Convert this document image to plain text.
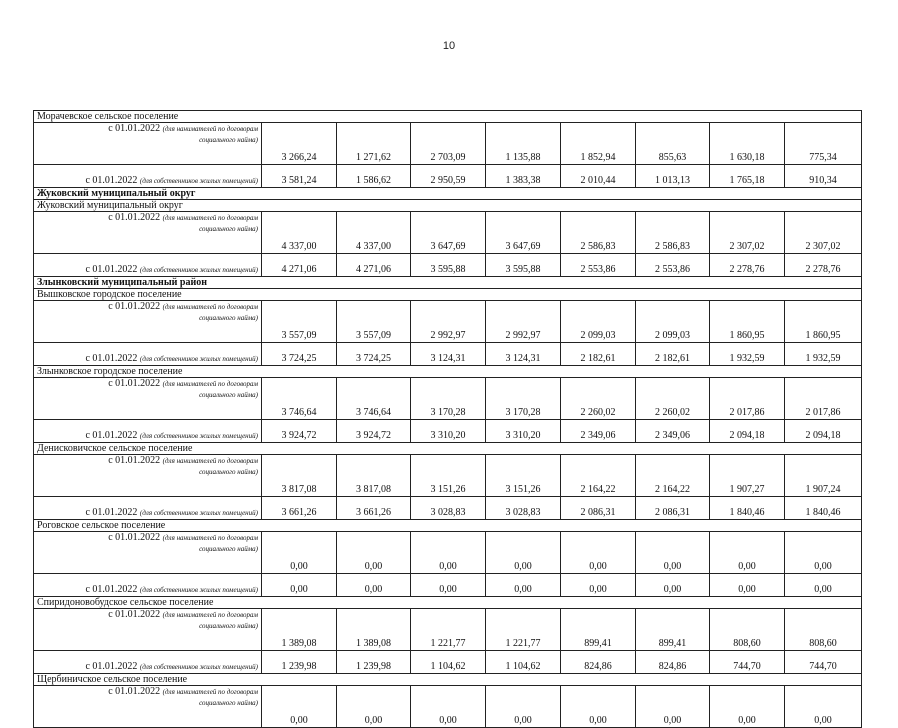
10
Морачевское сельское поселение								

с 01.01.2022 (для нанимателей по договорам
социального найма)	3 266,24	1 271,62	2 703,09	1 135,88	1 852,94	855,63	1 630,18	775,34
с 01.01.2022 (для собственников жилых помещений)	3 581,24	1 586,62	2 950,59	1 383,38	2 010,44	1 013,13	1 765,18	910,34
Жуковский муниципальный округ								
Жуковский муниципальный округ								

с 01.01.2022 (для нанимателей по договорам
социального найма)	4 337,00	4 337,00	3 647,69	3 647,69	2 586,83	2 586,83	2 307,02	2 307,02
с 01.01.2022 (для собственников жилых помещений)	4 271,06	4 271,06	3 595,88	3 595,88	2 553,86	2 553,86	2 278,76	2 278,76
Злынковский муниципальный район								
Вышковское городское поселение								

с 01.01.2022 (для нанимателей по договорам
социального найма)	3 557,09	3 557,09	2 992,97	2 992,97	2 099,03	2 099,03	1 860,95	1 860,95
с 01.01.2022 (для собственников жилых помещений)	3 724,25	3 724,25	3 124,31	3 124,31	2 182,61	2 182,61	1 932,59	1 932,59
Злынковское городское поселение								

с 01.01.2022 (для нанимателей по договорам
социального найма)	3 746,64	3 746,64	3 170,28	3 170,28	2 260,02	2 260,02	2 017,86	2 017,86
с 01.01.2022 (для собственников жилых помещений)	3 924,72	3 924,72	3 310,20	3 310,20	2 349,06	2 349,06	2 094,18	2 094,18
Денисковичское сельское поселение								

с 01.01.2022 (для нанимателей по договорам
социального найма)	3 817,08	3 817,08	3 151,26	3 151,26	2 164,22	2 164,22	1 907,27	1 907,24
с 01.01.2022 (для собственников жилых помещений)	3 661,26	3 661,26	3 028,83	3 028,83	2 086,31	2 086,31	1 840,46	1 840,46
Роговское сельское поселение								

с 01.01.2022 (для нанимателей по договорам
социального найма)	0,00	0,00	0,00	0,00	0,00	0,00	0,00	0,00
с 01.01.2022 (для собственников жилых помещений)	0,00	0,00	0,00	0,00	0,00	0,00	0,00	0,00
Спиридоновобудское сельское поселение								

с 01.01.2022 (для нанимателей по договорам
социального найма)	1 389,08	1 389,08	1 221,77	1 221,77	899,41	899,41	808,60	808,60
с 01.01.2022 (для собственников жилых помещений)	1 239,98	1 239,98	1 104,62	1 104,62	824,86	824,86	744,70	744,70
Щербиничское сельское поселение								

с 01.01.2022 (для нанимателей по договорам
социального найма)	0,00	0,00	0,00	0,00	0,00	0,00	0,00	0,00
